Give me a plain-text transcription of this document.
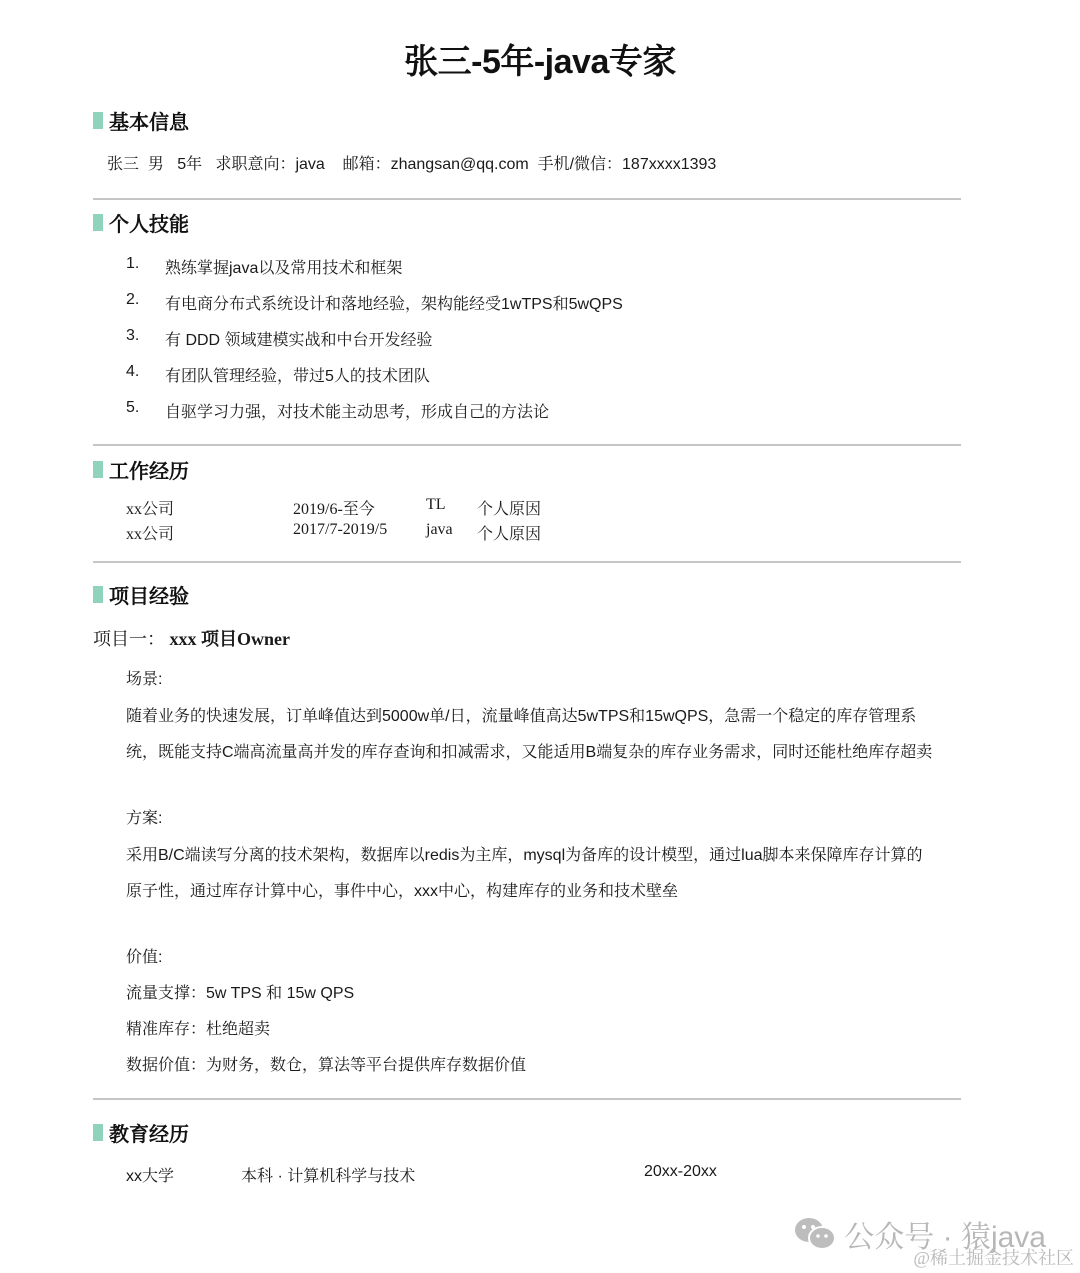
张三-5年-java专家
基本信息
张三  男   5年   求职意向：java    邮箱：zhangsan@qq.com  手机/微信：187xxxx1393
个人技能
1. 熟练掌握java以及常用技术和框架
2. 有电商分布式系统设计和落地经验，架构能经受1wTPS和5wQPS
3. 有 DDD 领域建模实战和中台开发经验
4. 有团队管理经验，带过5人的技术团队
5. 自驱学习力强，对技术能主动思考，形成自己的方法论
工作经历
xx公司	2019/6-至今	TL 个人原因
xx公司	2017/7-2019/5 java 个人原因
项目经验
项目一： xxx 项目Owner
场景:
随着业务的快速发展，订单峰值达到5000w单/日，流量峰值高达5wTPS和15wQPS，急需一个稳定的库存管理系
统，既能支持C端高流量高并发的库存查询和扣减需求，又能适用B端复杂的库存业务需求，同时还能杜绝库存超卖
方案:
采用B/C端读写分离的技术架构，数据库以redis为主库，mysql为备库的设计模型，通过lua脚本来保障库存计算的
原子性，通过库存计算中心，事件中心，xxx中心，构建库存的业务和技术壁垒
价值:
流量支撑：5w TPS 和 15w QPS
精准库存：杜绝超卖
数据价值：为财务，数仓，算法等平台提供库存数据价值
教育经历
xx大学	本科 · 计算机科学与技术	20xx-20xx
公众号 · 猿java
@稀土掘金技术社区
